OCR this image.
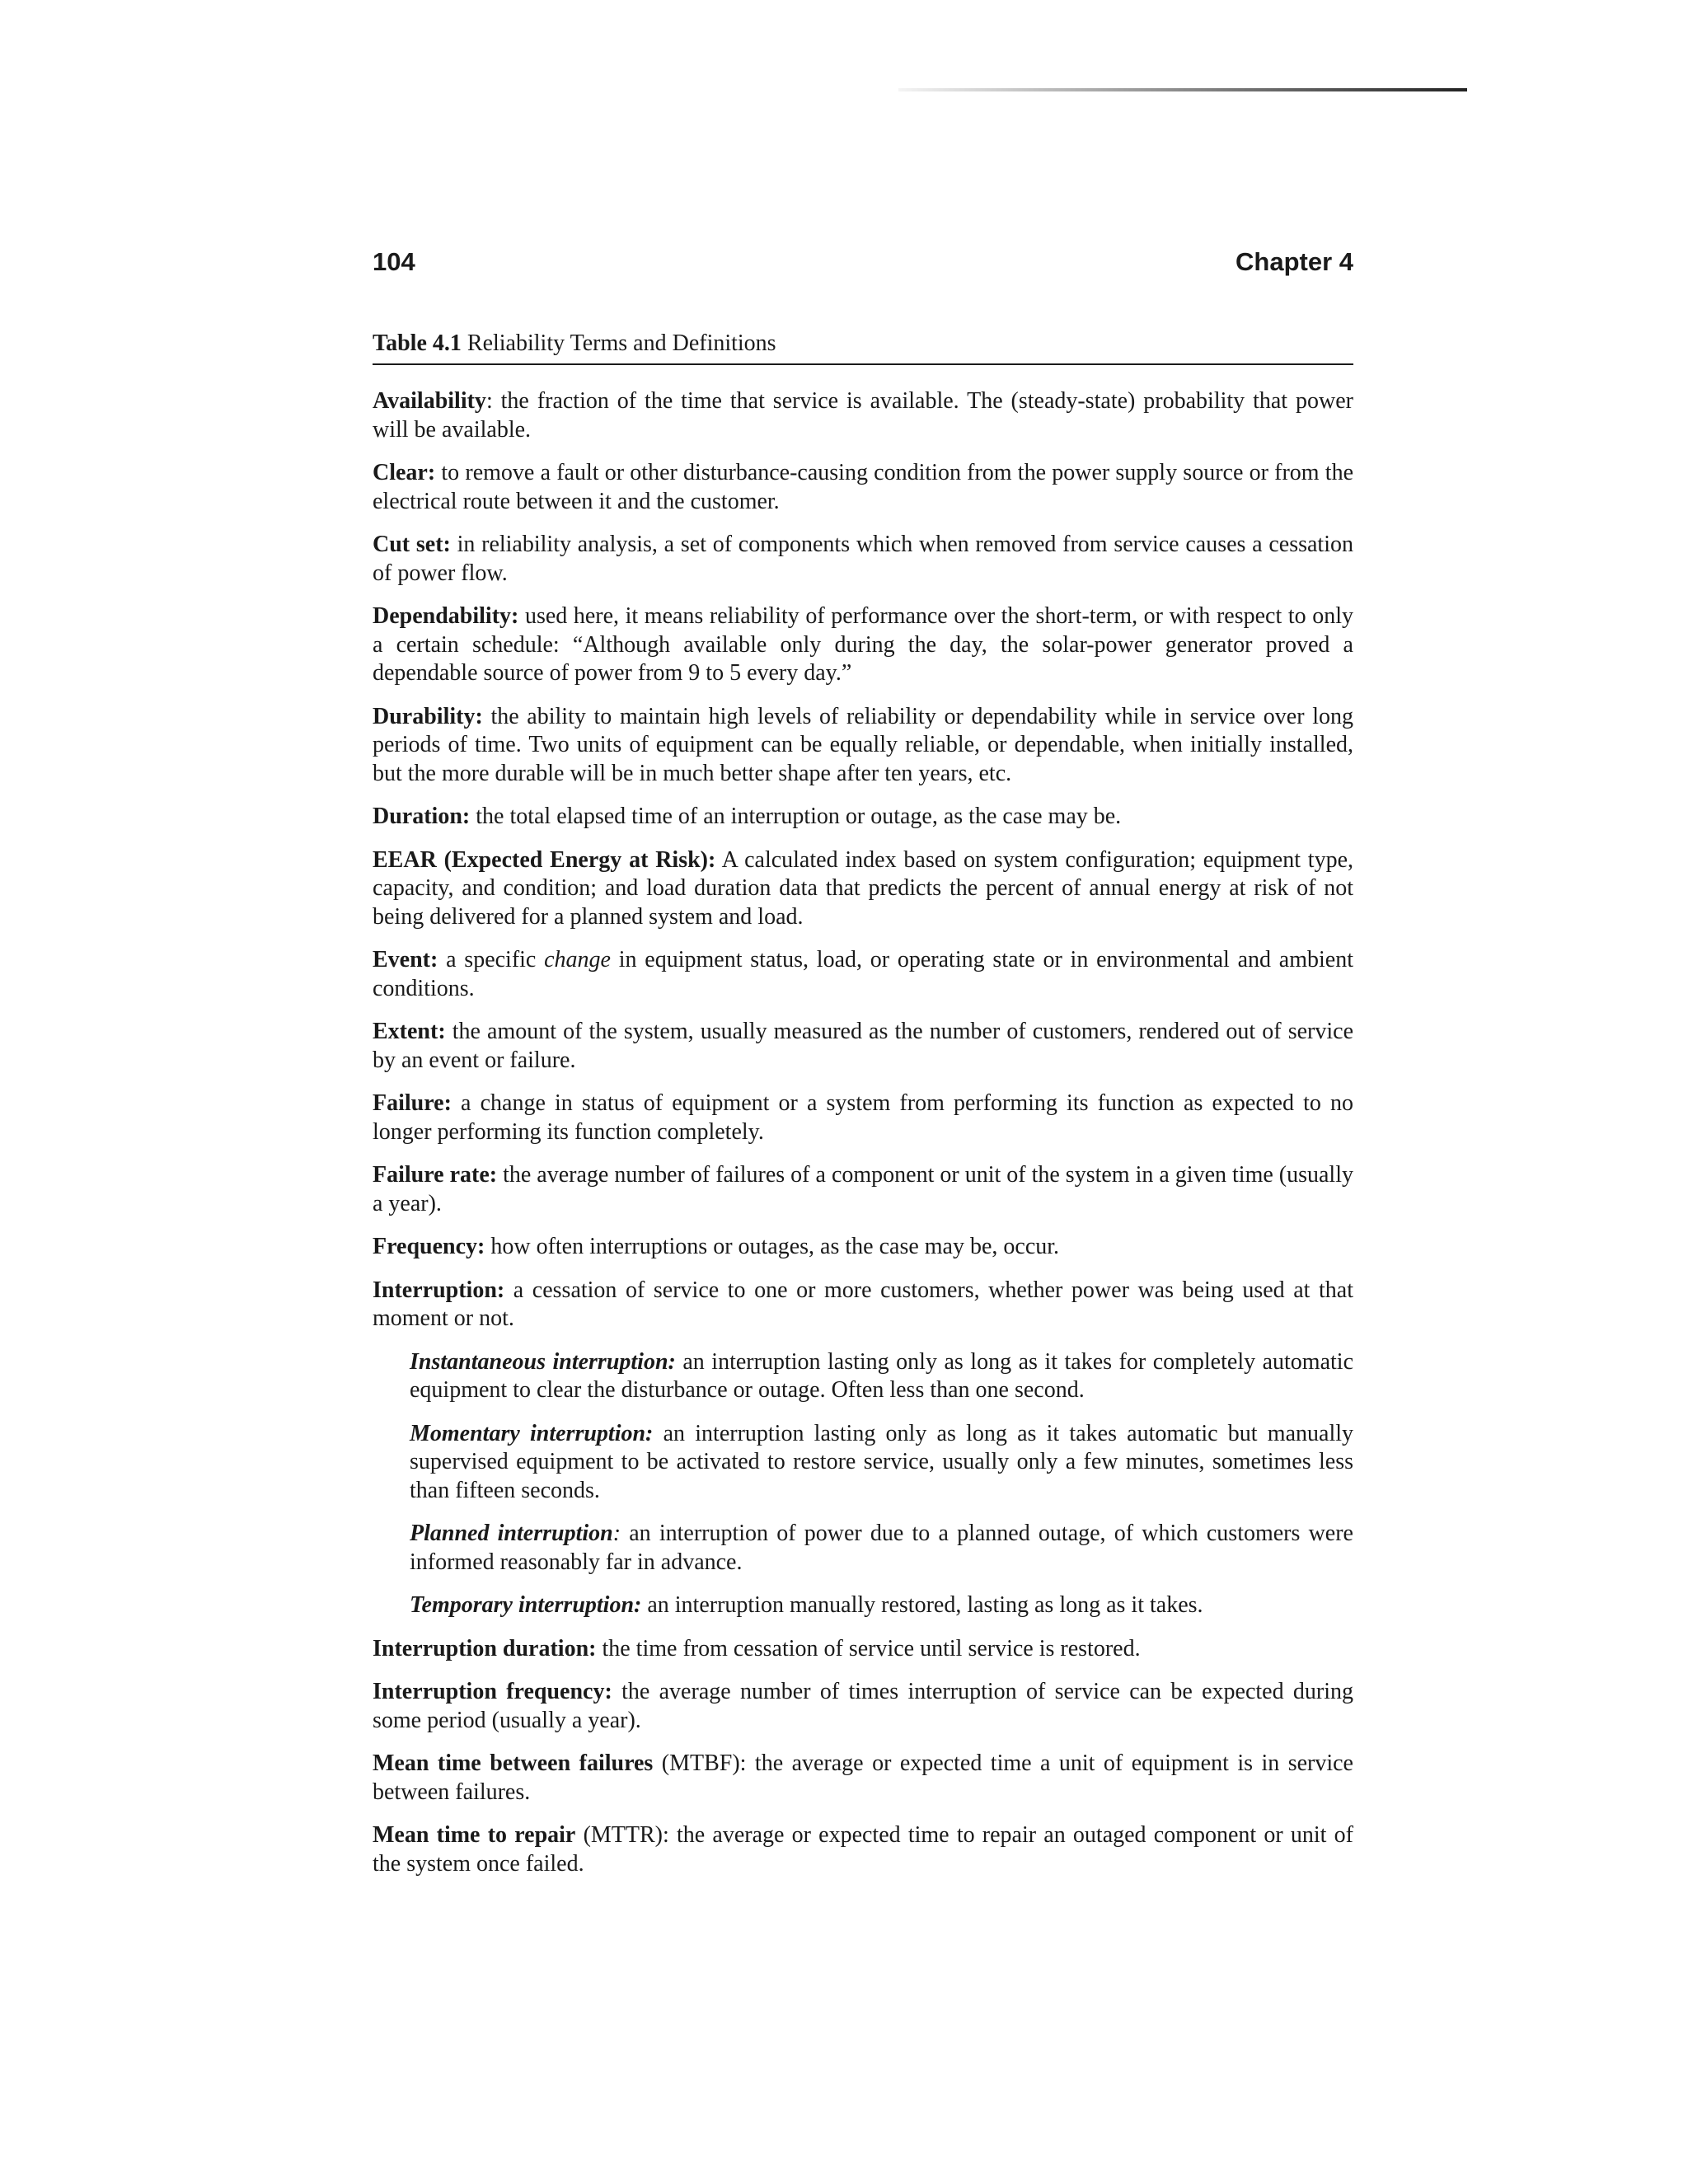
104	Chapter 4
Table 4.1 Reliability Terms and Definitions

Availability: the fraction of the time that service is available. The (steady-state) probability that power will be available.

Clear: to remove a fault or other disturbance-causing condition from the power supply source or from the electrical route between it and the customer.

Cut set: in reliability analysis, a set of components which when removed from service causes a cessation of power flow.

Dependability: used here, it means reliability of performance over the short-term, or with respect to only a certain schedule: “Although available only during the day, the solar-power generator proved a dependable source of power from 9 to 5 every day.”

Durability: the ability to maintain high levels of reliability or dependability while in service over long periods of time. Two units of equipment can be equally reliable, or dependable, when initially installed, but the more durable will be in much better shape after ten years, etc.

Duration: the total elapsed time of an interruption or outage, as the case may be.

EEAR (Expected Energy at Risk): A calculated index based on system configuration; equipment type, capacity, and condition; and load duration data that predicts the percent of annual energy at risk of not being delivered for a planned system and load.

Event: a specific change in equipment status, load, or operating state or in environmental and ambient conditions.

Extent: the amount of the system, usually measured as the number of customers, rendered out of service by an event or failure.

Failure: a change in status of equipment or a system from performing its function as expected to no longer performing its function completely.

Failure rate: the average number of failures of a component or unit of the system in a given time (usually a year).

Frequency: how often interruptions or outages, as the case may be, occur.

Interruption: a cessation of service to one or more customers, whether power was being used at that moment or not.

Instantaneous interruption: an interruption lasting only as long as it takes for completely automatic equipment to clear the disturbance or outage. Often less than one second.

Momentary interruption: an interruption lasting only as long as it takes automatic but manually supervised equipment to be activated to restore service, usually only a few minutes, sometimes less than fifteen seconds.

Planned interruption: an interruption of power due to a planned outage, of which customers were informed reasonably far in advance.

Temporary interruption: an interruption manually restored, lasting as long as it takes.

Interruption duration: the time from cessation of service until service is restored.

Interruption frequency: the average number of times interruption of service can be expected during some period (usually a year).

Mean time between failures (MTBF): the average or expected time a unit of equipment is in service between failures.

Mean time to repair (MTTR): the average or expected time to repair an outaged component or unit of the system once failed.
